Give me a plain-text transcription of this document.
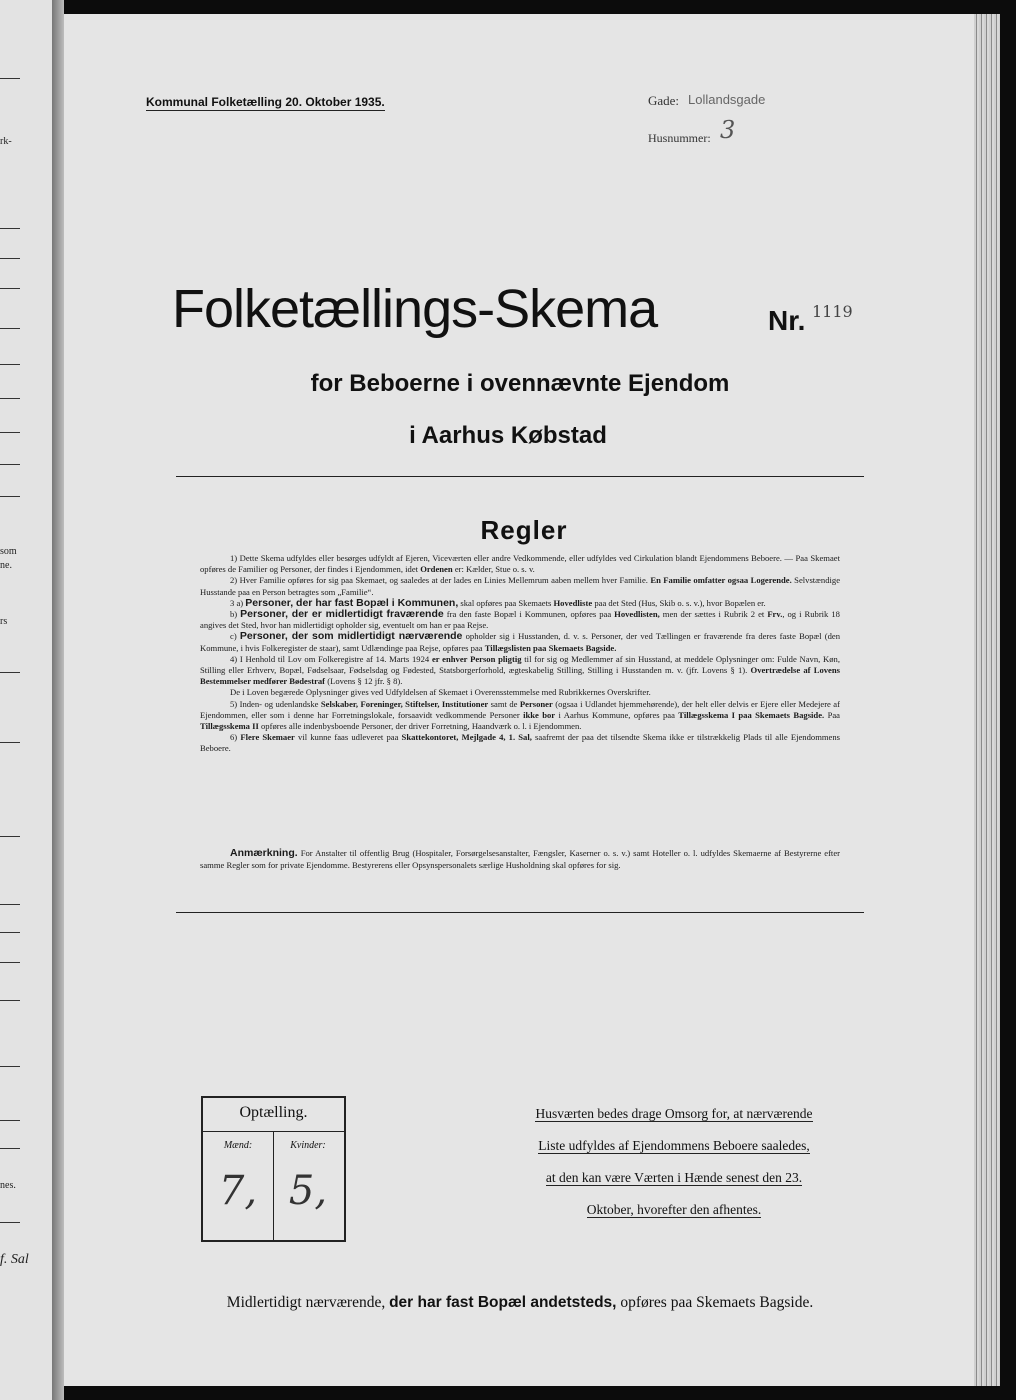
rk-
som
ne.
rs
nes.
f. Sal
Kommunal Folketælling 20. Oktober 1935.	Gade: Lollandsgade
Husnummer: 3
Folketællings-Skema	Nr. 1119
for Beboerne i ovennævnte Ejendom
i Aarhus Købstad
Regler

1) Dette Skema udfyldes eller besørges udfyldt af Ejeren, Viceværten eller andre Vedkommende, eller udfyldes ved Cirkulation blandt Ejendommens Beboere. — Paa Skemaet opføres de Familier og Personer, der findes i Ejendommen, idet Ordenen er: Kælder, Stue o. s. v.

2) Hver Familie opføres for sig paa Skemaet, og saaledes at der lades en Linies Mellemrum aaben mellem hver Familie. En Familie omfatter ogsaa Logerende. Selvstændige Husstande paa en Person betragtes som „Familie“.

3 a) Personer, der har fast Bopæl i Kommunen, skal opføres paa Skemaets Hovedliste paa det Sted (Hus, Skib o. s. v.), hvor Bopælen er.

b) Personer, der er midlertidigt fraværende fra den faste Bopæl i Kommunen, opføres paa Hovedlisten, men der sættes i Rubrik 2 et Frv., og i Rubrik 18 angives det Sted, hvor han midlertidigt opholder sig, eventuelt om han er paa Rejse.

c) Personer, der som midlertidigt nærværende opholder sig i Husstanden, d. v. s. Personer, der ved Tællingen er fraværende fra deres faste Bopæl (den Kommune, i hvis Folkeregister de staar), samt Udlændinge paa Rejse, opføres paa Tillægslisten paa Skemaets Bagside.

4) I Henhold til Lov om Folkeregistre af 14. Marts 1924 er enhver Person pligtig til for sig og Medlemmer af sin Husstand, at meddele Oplysninger om: Fulde Navn, Køn, Stilling eller Erhverv, Bopæl, Fødselsaar, Fødselsdag og Fødested, Statsborgerforhold, ægteskabelig Stilling, Stilling i Husstanden m. v. (jfr. Lovens § 1). Overtrædelse af Lovens Bestemmelser medfører Bødestraf (Lovens § 12 jfr. § 8).

De i Loven begærede Oplysninger gives ved Udfyldelsen af Skemaet i Overensstemmelse med Rubrikkernes Overskrifter.

5) Inden- og udenlandske Selskaber, Foreninger, Stiftelser, Institutioner samt de Personer (ogsaa i Udlandet hjemmehørende), der helt eller delvis er Ejere eller Medejere af Ejendommen, eller som i denne har Forretningslokale, forsaavidt vedkommende Personer ikke bor i Aarhus Kommune, opføres paa Tillægsskema I paa Skemaets Bagside. Paa Tillægsskema II opføres alle indenbysboende Personer, der driver Forretning, Haandværk o. l. i Ejendommen.

6) Flere Skemaer vil kunne faas udleveret paa Skattekontoret, Mejlgade 4, 1. Sal, saafremt der paa det tilsendte Skema ikke er tilstrækkelig Plads til alle Ejendommens Beboere.

Anmærkning. For Anstalter til offentlig Brug (Hospitaler, Forsørgelsesanstalter, Fængsler, Kaserner o. s. v.) samt Hoteller o. l. udfyldes Skemaerne af Bestyrerne efter samme Regler som for private Ejendomme. Bestyrerens eller Opsynspersonalets særlige Husholdning skal opføres for sig.

Optælling.
Mænd:	Kvinder:
7, 5,
Husværten bedes drage Omsorg for, at nærværende
Liste udfyldes af Ejendommens Beboere saaledes,
at den kan være Værten i Hænde senest den 23.
Oktober, hvorefter den afhentes.
Midlertidigt nærværende, der har fast Bopæl andetsteds, opføres paa Skemaets Bagside.
